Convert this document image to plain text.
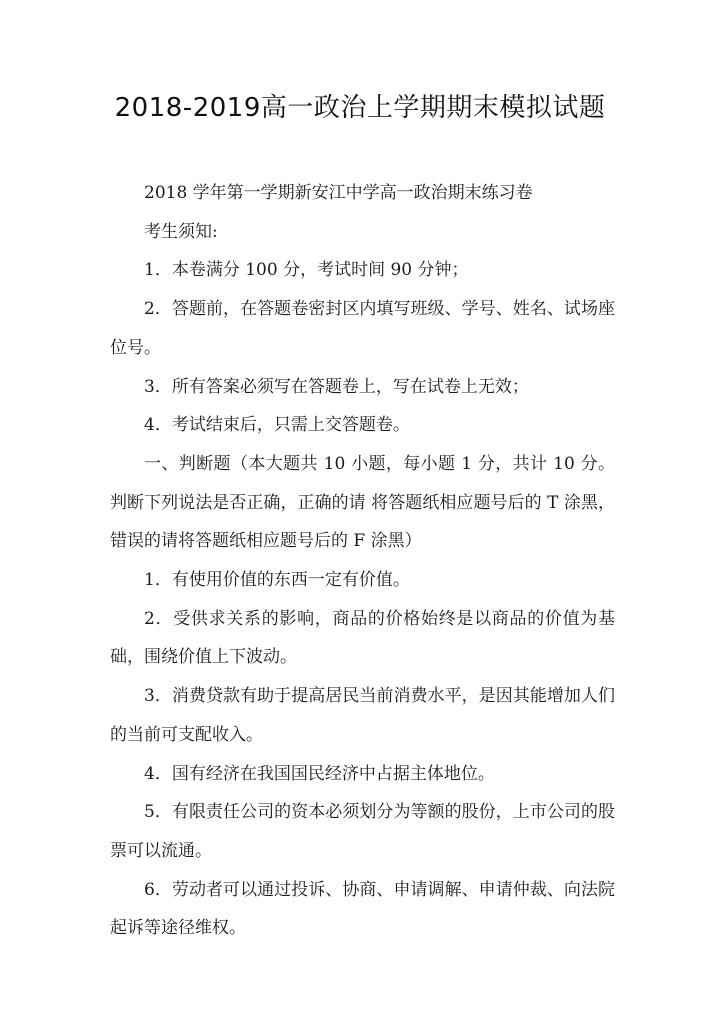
2018-2019高一政治上学期期末模拟试题

2018 学年第一学期新安江中学高一政治期末练习卷

考生须知:

1．本卷满分 100 分，考试时间 90 分钟；

2．答题前，在答题卷密封区内填写班级、学号、姓名、试场座位号。

3．所有答案必须写在答题卷上，写在试卷上无效；

4．考试结束后，只需上交答题卷。

一、判断题（本大题共 10 小题，每小题 1 分，共计 10 分。判断下列说法是否正确，正确的请 将答题纸相应题号后的 T 涂黑，错误的请将答题纸相应题号后的 F 涂黑）

1．有使用价值的东西一定有价值。

2．受供求关系的影响，商品的价格始终是以商品的价值为基础，围绕价值上下波动。

3．消费贷款有助于提高居民当前消费水平，是因其能增加人们的当前可支配收入。

4．国有经济在我国国民经济中占据主体地位。

5．有限责任公司的资本必须划分为等额的股份，上市公司的股票可以流通。

6．劳动者可以通过投诉、协商、申请调解、申请仲裁、向法院起诉等途径维权。
